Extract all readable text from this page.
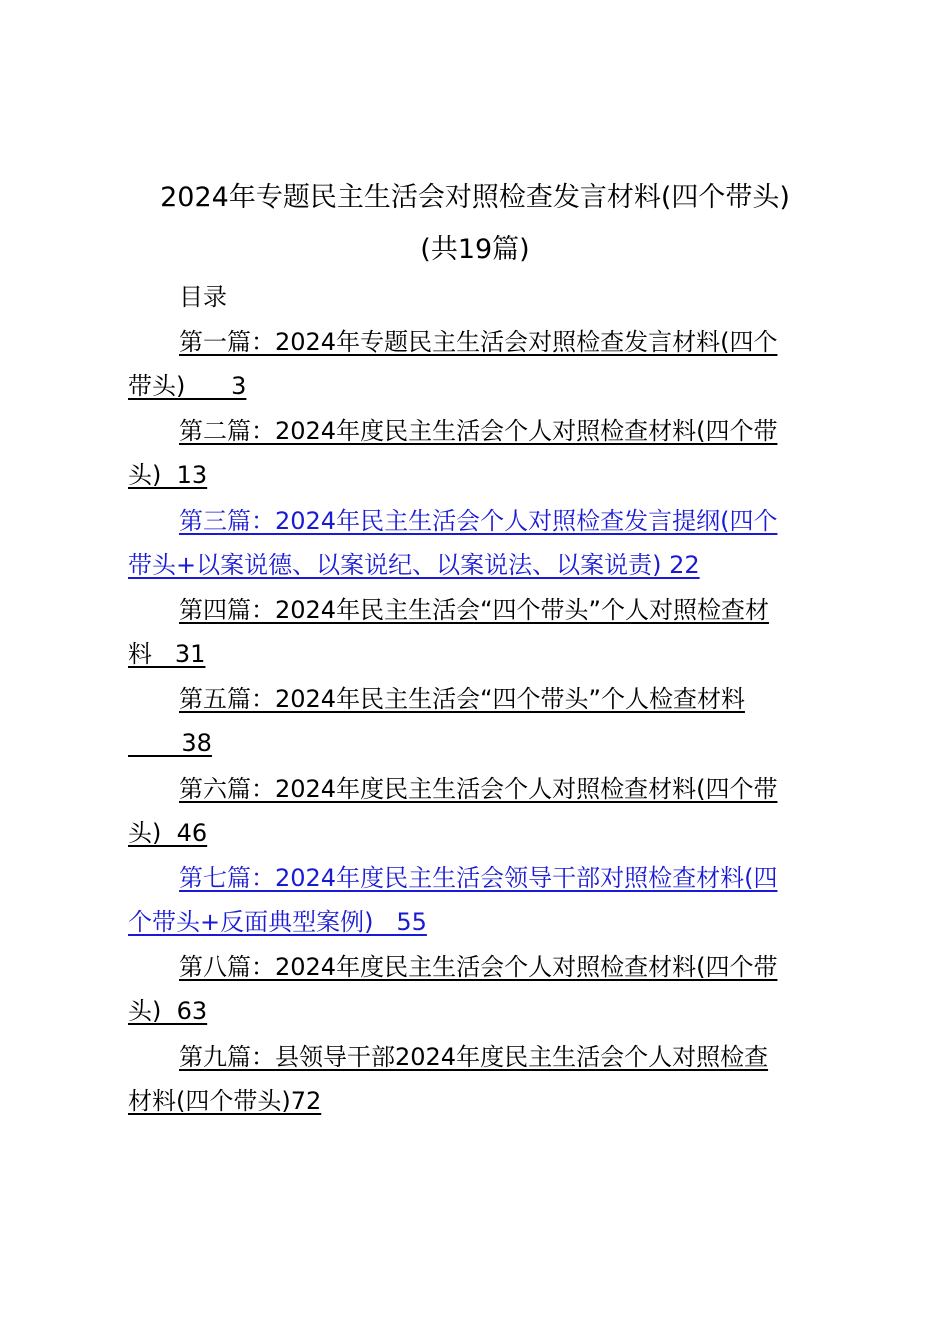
2024年专题民主生活会对照检查发言材料(四个带头)
(共19篇)
目录
第一篇：2024年专题民主生活会对照检查发言材料(四个
带头)      3
第二篇：2024年度民主生活会个人对照检查材料(四个带
头)  13
第三篇：2024年民主生活会个人对照检查发言提纲(四个
带头+以案说德、以案说纪、以案说法、以案说责) 22
第四篇：2024年民主生活会“四个带头”个人对照检查材
料   31
第五篇：2024年民主生活会“四个带头”个人检查材料
38
第六篇：2024年度民主生活会个人对照检查材料(四个带
头)  46
第七篇：2024年度民主生活会领导干部对照检查材料(四
个带头+反面典型案例)   55
第八篇：2024年度民主生活会个人对照检查材料(四个带
头)  63
第九篇：县领导干部2024年度民主生活会个人对照检查
材料(四个带头)72
